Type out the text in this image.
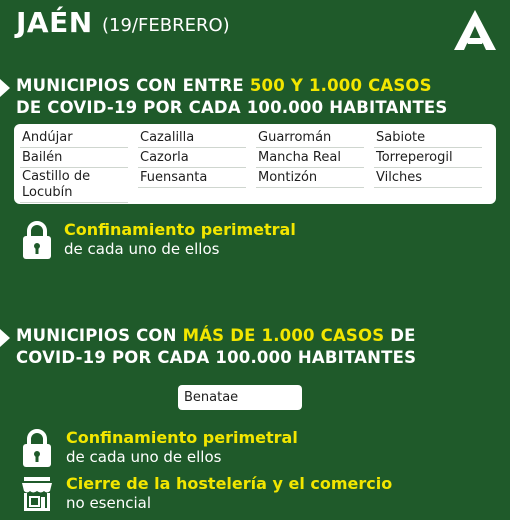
JAÉN (19/FEBRERO)
MUNICIPIOS CON ENTRE 500 Y 1.000 CASOS
DE COVID-19 POR CADA 100.000 HABITANTES
Andújar
Bailén
Castillo de Locubín
Cazalilla
Cazorla
Fuensanta
Guarromán
Mancha Real
Montizón
Sabiote
Torreperogil
Vilches
Confinamiento perimetral
de cada uno de ellos
MUNICIPIOS CON MÁS DE 1.000 CASOS DE
COVID-19 POR CADA 100.000 HABITANTES
Benatae
Confinamiento perimetral
de cada uno de ellos
Cierre de la hostelería y el comercio
no esencial
